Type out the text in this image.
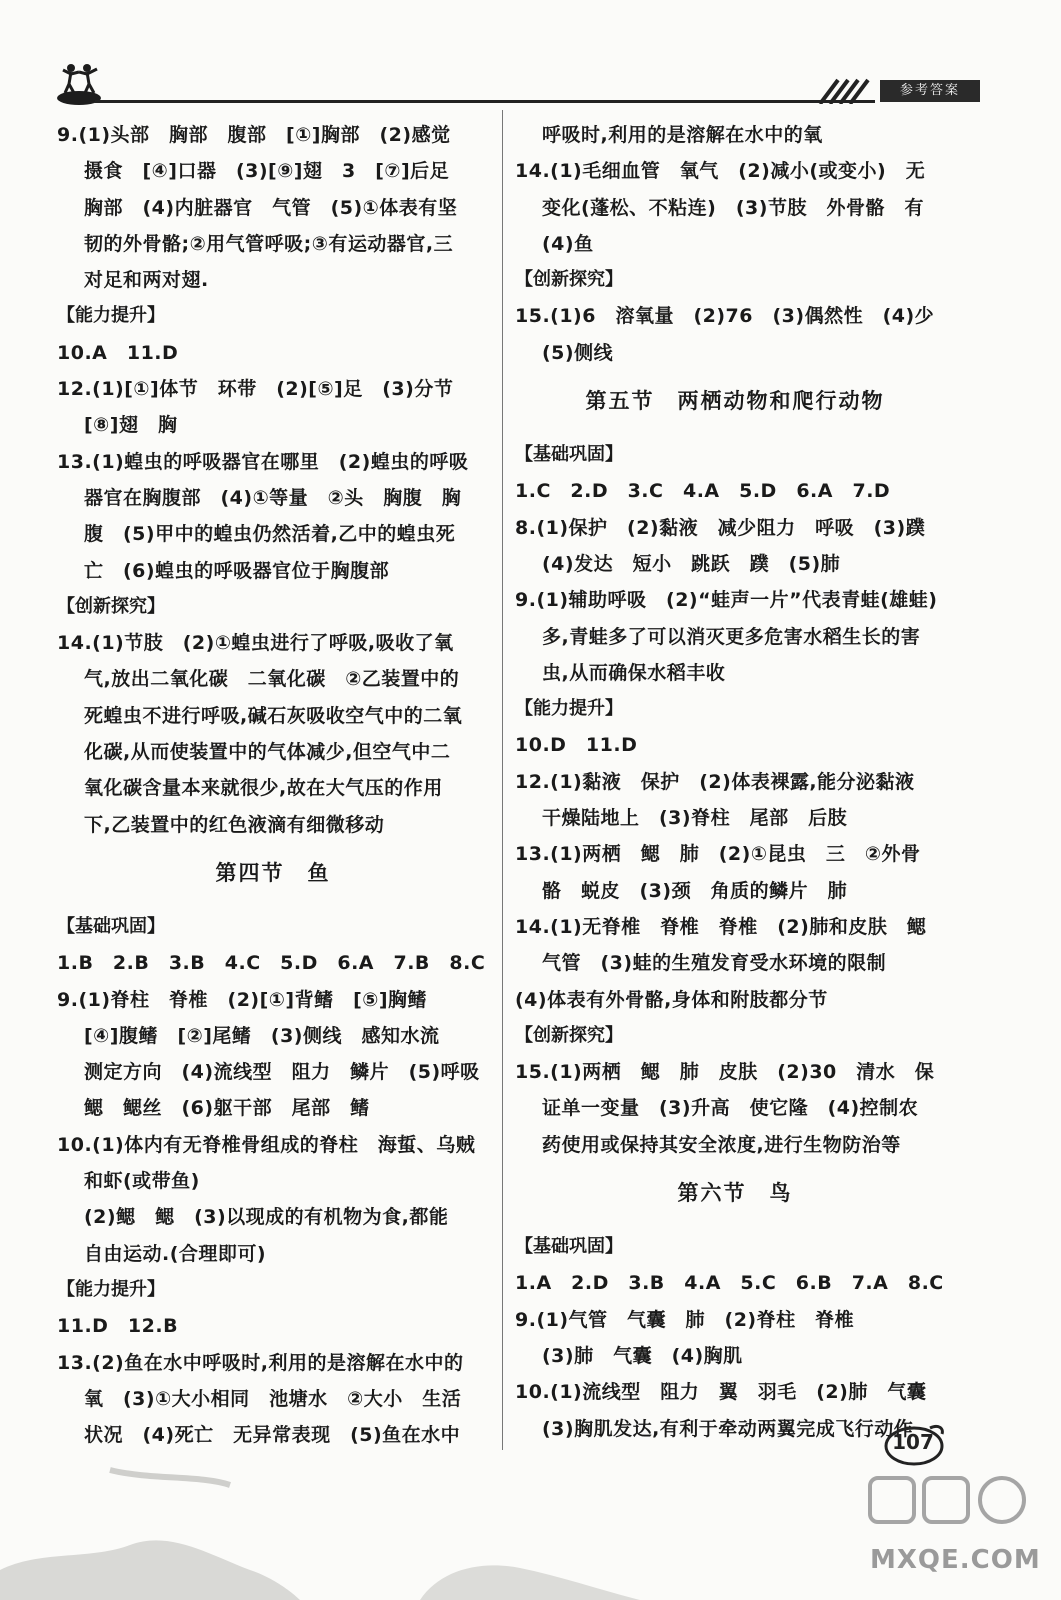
参考答案
9.(1)头部　胸部　腹部　[①]胸部　(2)感觉
摄食　[④]口器　(3)[⑨]翅　3　[⑦]后足
胸部　(4)内脏器官　气管　(5)①体表有坚
韧的外骨骼;②用气管呼吸;③有运动器官,三
对足和两对翅.
【能力提升】
10.A　11.D
12.(1)[①]体节　环带　(2)[⑤]足　(3)分节
[⑧]翅　胸
13.(1)蝗虫的呼吸器官在哪里　(2)蝗虫的呼吸
器官在胸腹部　(4)①等量　②头　胸腹　胸
腹　(5)甲中的蝗虫仍然活着,乙中的蝗虫死
亡　(6)蝗虫的呼吸器官位于胸腹部
【创新探究】
14.(1)节肢　(2)①蝗虫进行了呼吸,吸收了氧
气,放出二氧化碳　二氧化碳　②乙装置中的
死蝗虫不进行呼吸,碱石灰吸收空气中的二氧
化碳,从而使装置中的气体减少,但空气中二
氧化碳含量本来就很少,故在大气压的作用
下,乙装置中的红色液滴有细微移动
第四节　鱼
【基础巩固】
1.B　2.B　3.B　4.C　5.D　6.A　7.B　8.C
9.(1)脊柱　脊椎　(2)[①]背鳍　[⑤]胸鳍
[④]腹鳍　[②]尾鳍　(3)侧线　感知水流
测定方向　(4)流线型　阻力　鳞片　(5)呼吸
鳃　鳃丝　(6)躯干部　尾部　鳍
10.(1)体内有无脊椎骨组成的脊柱　海蜇、乌贼
和虾(或带鱼)
(2)鳃　鳃　(3)以现成的有机物为食,都能
自由运动.(合理即可)
【能力提升】
11.D　12.B
13.(2)鱼在水中呼吸时,利用的是溶解在水中的
氧　(3)①大小相同　池塘水　②大小　生活
状况　(4)死亡　无异常表现　(5)鱼在水中
呼吸时,利用的是溶解在水中的氧
14.(1)毛细血管　氧气　(2)减小(或变小)　无
变化(蓬松、不粘连)　(3)节肢　外骨骼　有
(4)鱼
【创新探究】
15.(1)6　溶氧量　(2)76　(3)偶然性　(4)少
(5)侧线
第五节　两栖动物和爬行动物
【基础巩固】
1.C　2.D　3.C　4.A　5.D　6.A　7.D
8.(1)保护　(2)黏液　减少阻力　呼吸　(3)蹼
(4)发达　短小　跳跃　蹼　(5)肺
9.(1)辅助呼吸　(2)“蛙声一片”代表青蛙(雄蛙)
多,青蛙多了可以消灭更多危害水稻生长的害
虫,从而确保水稻丰收
【能力提升】
10.D　11.D
12.(1)黏液　保护　(2)体表裸露,能分泌黏液
干燥陆地上　(3)脊柱　尾部　后肢
13.(1)两栖　鳃　肺　(2)①昆虫　三　②外骨
骼　蜕皮　(3)颈　角质的鳞片　肺
14.(1)无脊椎　脊椎　脊椎　(2)肺和皮肤　鳃
气管　(3)蛙的生殖发育受水环境的限制
(4)体表有外骨骼,身体和附肢都分节
【创新探究】
15.(1)两栖　鳃　肺　皮肤　(2)30　清水　保
证单一变量　(3)升高　使它隆　(4)控制农
药使用或保持其安全浓度,进行生物防治等
第六节　鸟
【基础巩固】
1.A　2.D　3.B　4.A　5.C　6.B　7.A　8.C
9.(1)气管　气囊　肺　(2)脊柱　脊椎
(3)肺　气囊　(4)胸肌
10.(1)流线型　阻力　翼　羽毛　(2)肺　气囊
(3)胸肌发达,有利于牵动两翼完成飞行动作
107
MXQE.COM
